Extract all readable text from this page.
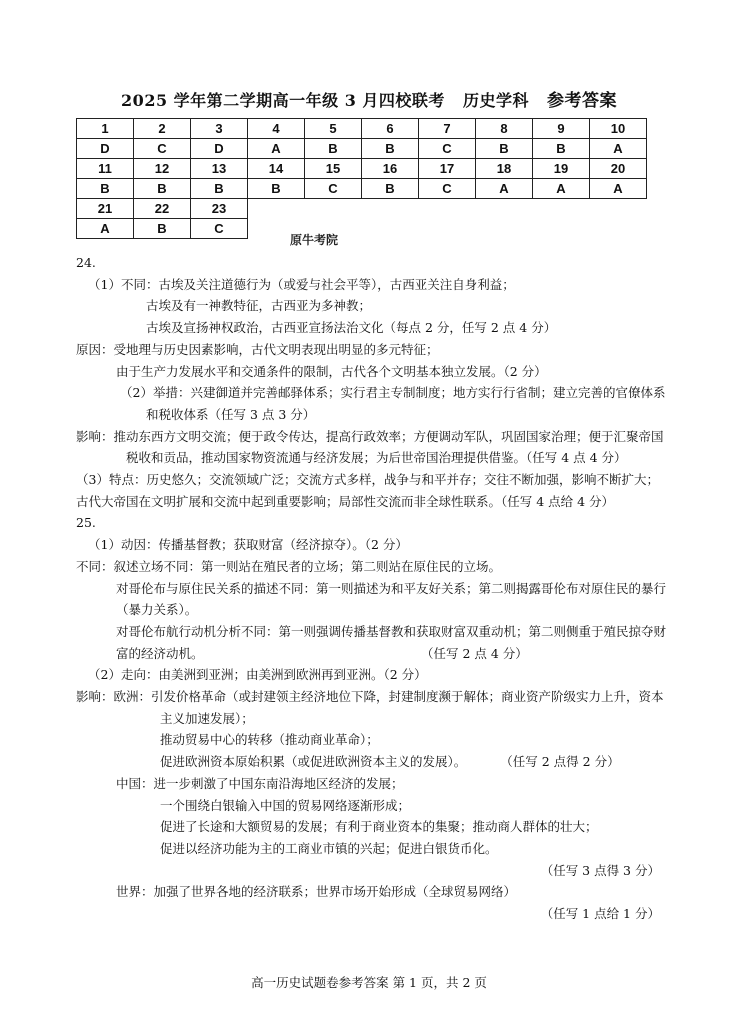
2025 学年第二学期高一年级 3 月四校联考 历史学科 参考答案
1	2	3	4	5	6	7	8	9	10
D	C	D	A	B	B	C	B	B	A
11	12	13	14	15	16	17	18	19	20
B	B	B	B	C	B	C	A	A	A
21	22	23							
A	B	C							
原牛考院
24.
（1）不同：古埃及关注道德行为（或爱与社会平等），古西亚关注自身利益；
古埃及有一神教特征，古西亚为多神教；
古埃及宣扬神权政治，古西亚宣扬法治文化（每点 2 分，任写 2 点 4 分）
原因：受地理与历史因素影响，古代文明表现出明显的多元特征；
由于生产力发展水平和交通条件的限制，古代各个文明基本独立发展。（2 分）
（2）举措：兴建御道并完善邮驿体系；实行君主专制制度；地方实行行省制；建立完善的官僚体系和税收体系（任写 3 点 3 分）
影响：推动东西方文明交流；便于政令传达，提高行政效率；方便调动军队，巩固国家治理；便于汇聚帝国税收和贡品，推动国家物资流通与经济发展；为后世帝国治理提供借鉴。（任写 4 点 4 分）
（3）特点：历史悠久；交流领域广泛；交流方式多样，战争与和平并存；交往不断加强，影响不断扩大；古代大帝国在文明扩展和交流中起到重要影响；局部性交流而非全球性联系。（任写 4 点给 4 分）
25.
（1）动因：传播基督教；获取财富（经济掠夺）。（2 分）
不同：叙述立场不同：第一则站在殖民者的立场；第二则站在原住民的立场。
对哥伦布与原住民关系的描述不同：第一则描述为和平友好关系；第二则揭露哥伦布对原住民的暴行（暴力关系）。
对哥伦布航行动机分析不同：第一则强调传播基督教和获取财富双重动机；第二则侧重于殖民掠夺财富的经济动机。	（任写 2 点 4 分）
（2）走向：由美洲到亚洲；由美洲到欧洲再到亚洲。（2 分）
影响：欧洲：引发价格革命（或封建领主经济地位下降，封建制度濒于解体；商业资产阶级实力上升，资本主义加速发展）；
推动贸易中心的转移（推动商业革命）；
促进欧洲资本原始积累（或促进欧洲资本主义的发展）。	（任写 2 点得 2 分）
中国：进一步刺激了中国东南沿海地区经济的发展；
一个围绕白银输入中国的贸易网络逐渐形成；
促进了长途和大额贸易的发展；有利于商业资本的集聚；推动商人群体的壮大；
促进以经济功能为主的工商业市镇的兴起；促进白银货币化。
（任写 3 点得 3 分）
世界：加强了世界各地的经济联系；世界市场开始形成（全球贸易网络）
（任写 1 点给 1 分）
高一历史试题卷参考答案 第 1 页，共 2 页
